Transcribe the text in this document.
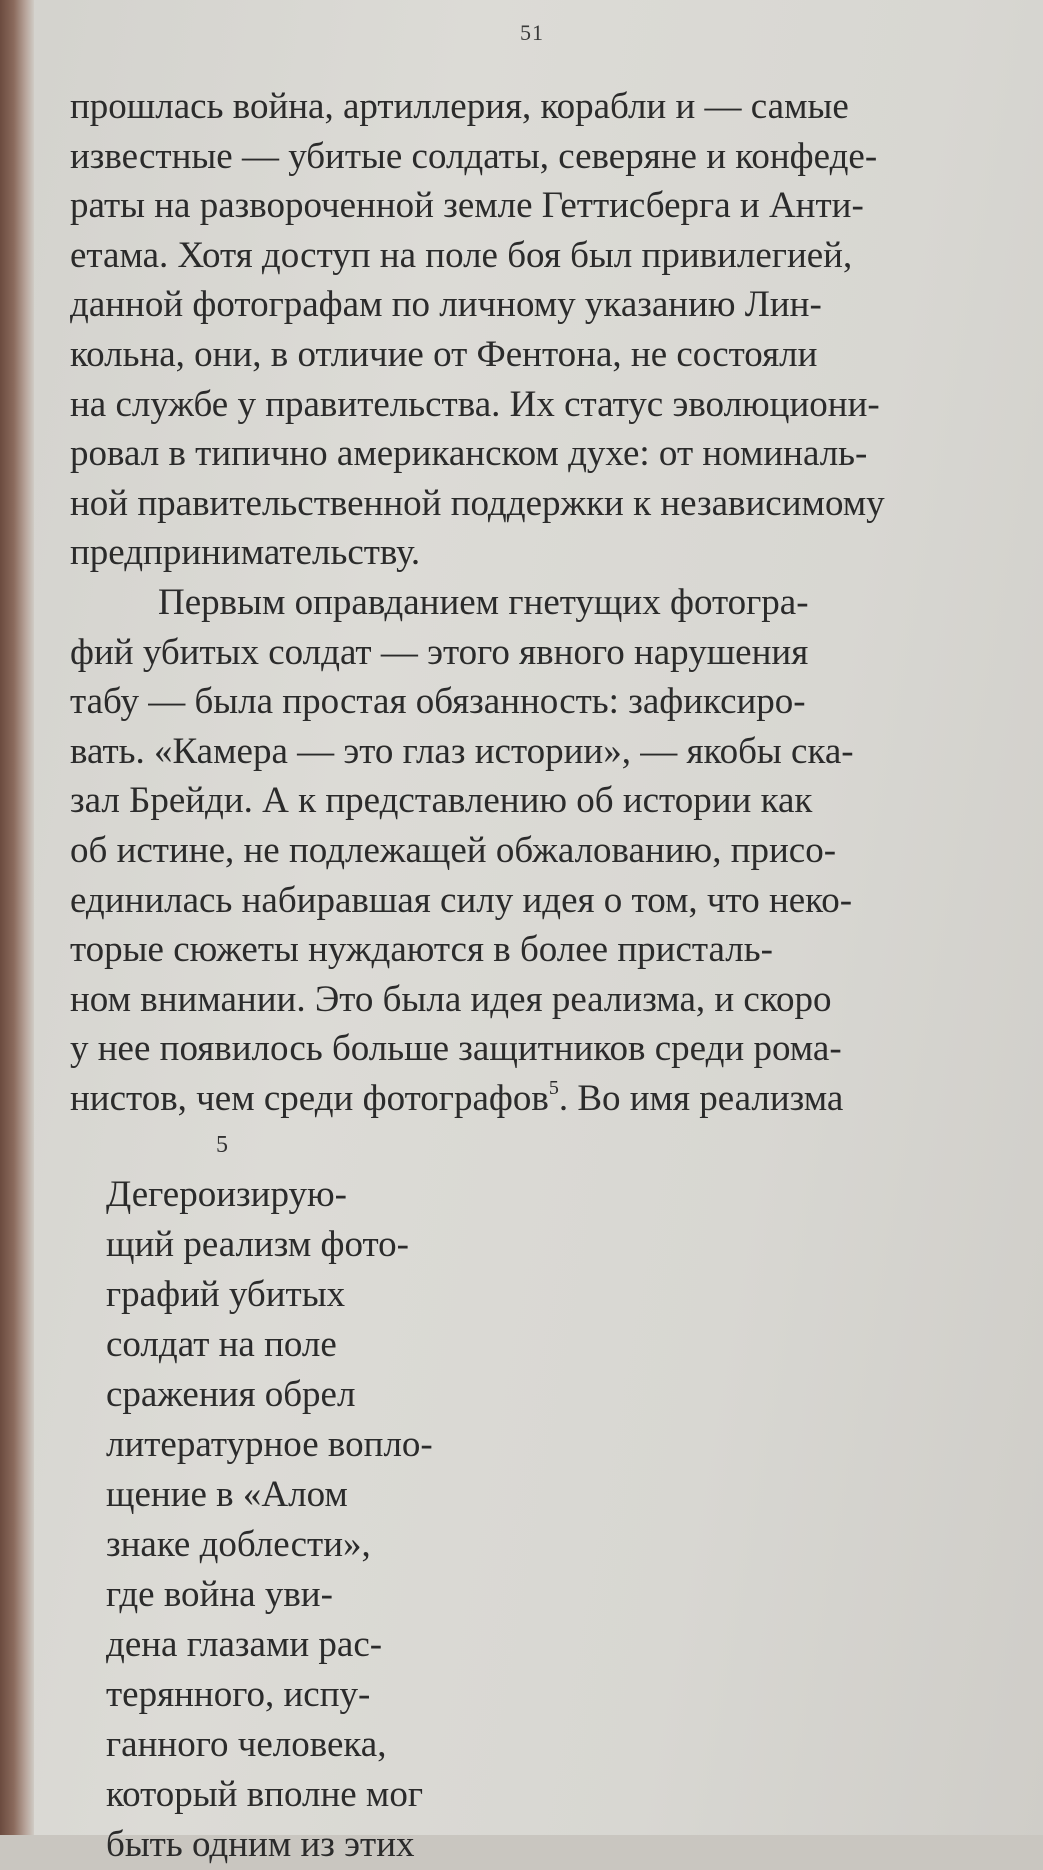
51

прошлась война, артиллерия, корабли и — самые

известные — убитые солдаты, северяне и конфеде-

раты на развороченной земле Геттисберга и Анти-

етама. Хотя доступ на поле боя был привилегией,

данной фотографам по личному указанию Лин-

кольна, они, в отличие от Фентона, не состояли

на службе у правительства. Их статус эволюциони-

ровал в типично американском духе: от номиналь-

ной правительственной поддержки к независимому

предпринимательству.

Первым оправданием гнетущих фотогра-

фий убитых солдат — этого явного нарушения

табу — была простая обязанность: зафиксиро-

вать. «Камера — это глаз истории», — якобы ска-

зал Брейди. А к представлению об истории как

об истине, не подлежащей обжалованию, присо-

единилась набиравшая силу идея о том, что неко-

торые сюжеты нуждаются в более присталь-

ном внимании. Это была идея реализма, и скоро

у нее появилось больше защитников среди рома-

нистов, чем среди фотографов$^5$. Во имя реализма

5

Дегероизирую-

щий реализм фото-

графий убитых

солдат на поле

сражения обрел

литературное вопло-

щение в «Алом

знаке доблести»,

где война уви-

дена глазами рас-

терянного, испу-

ганного человека,

который вполне мог

быть одним из этих
